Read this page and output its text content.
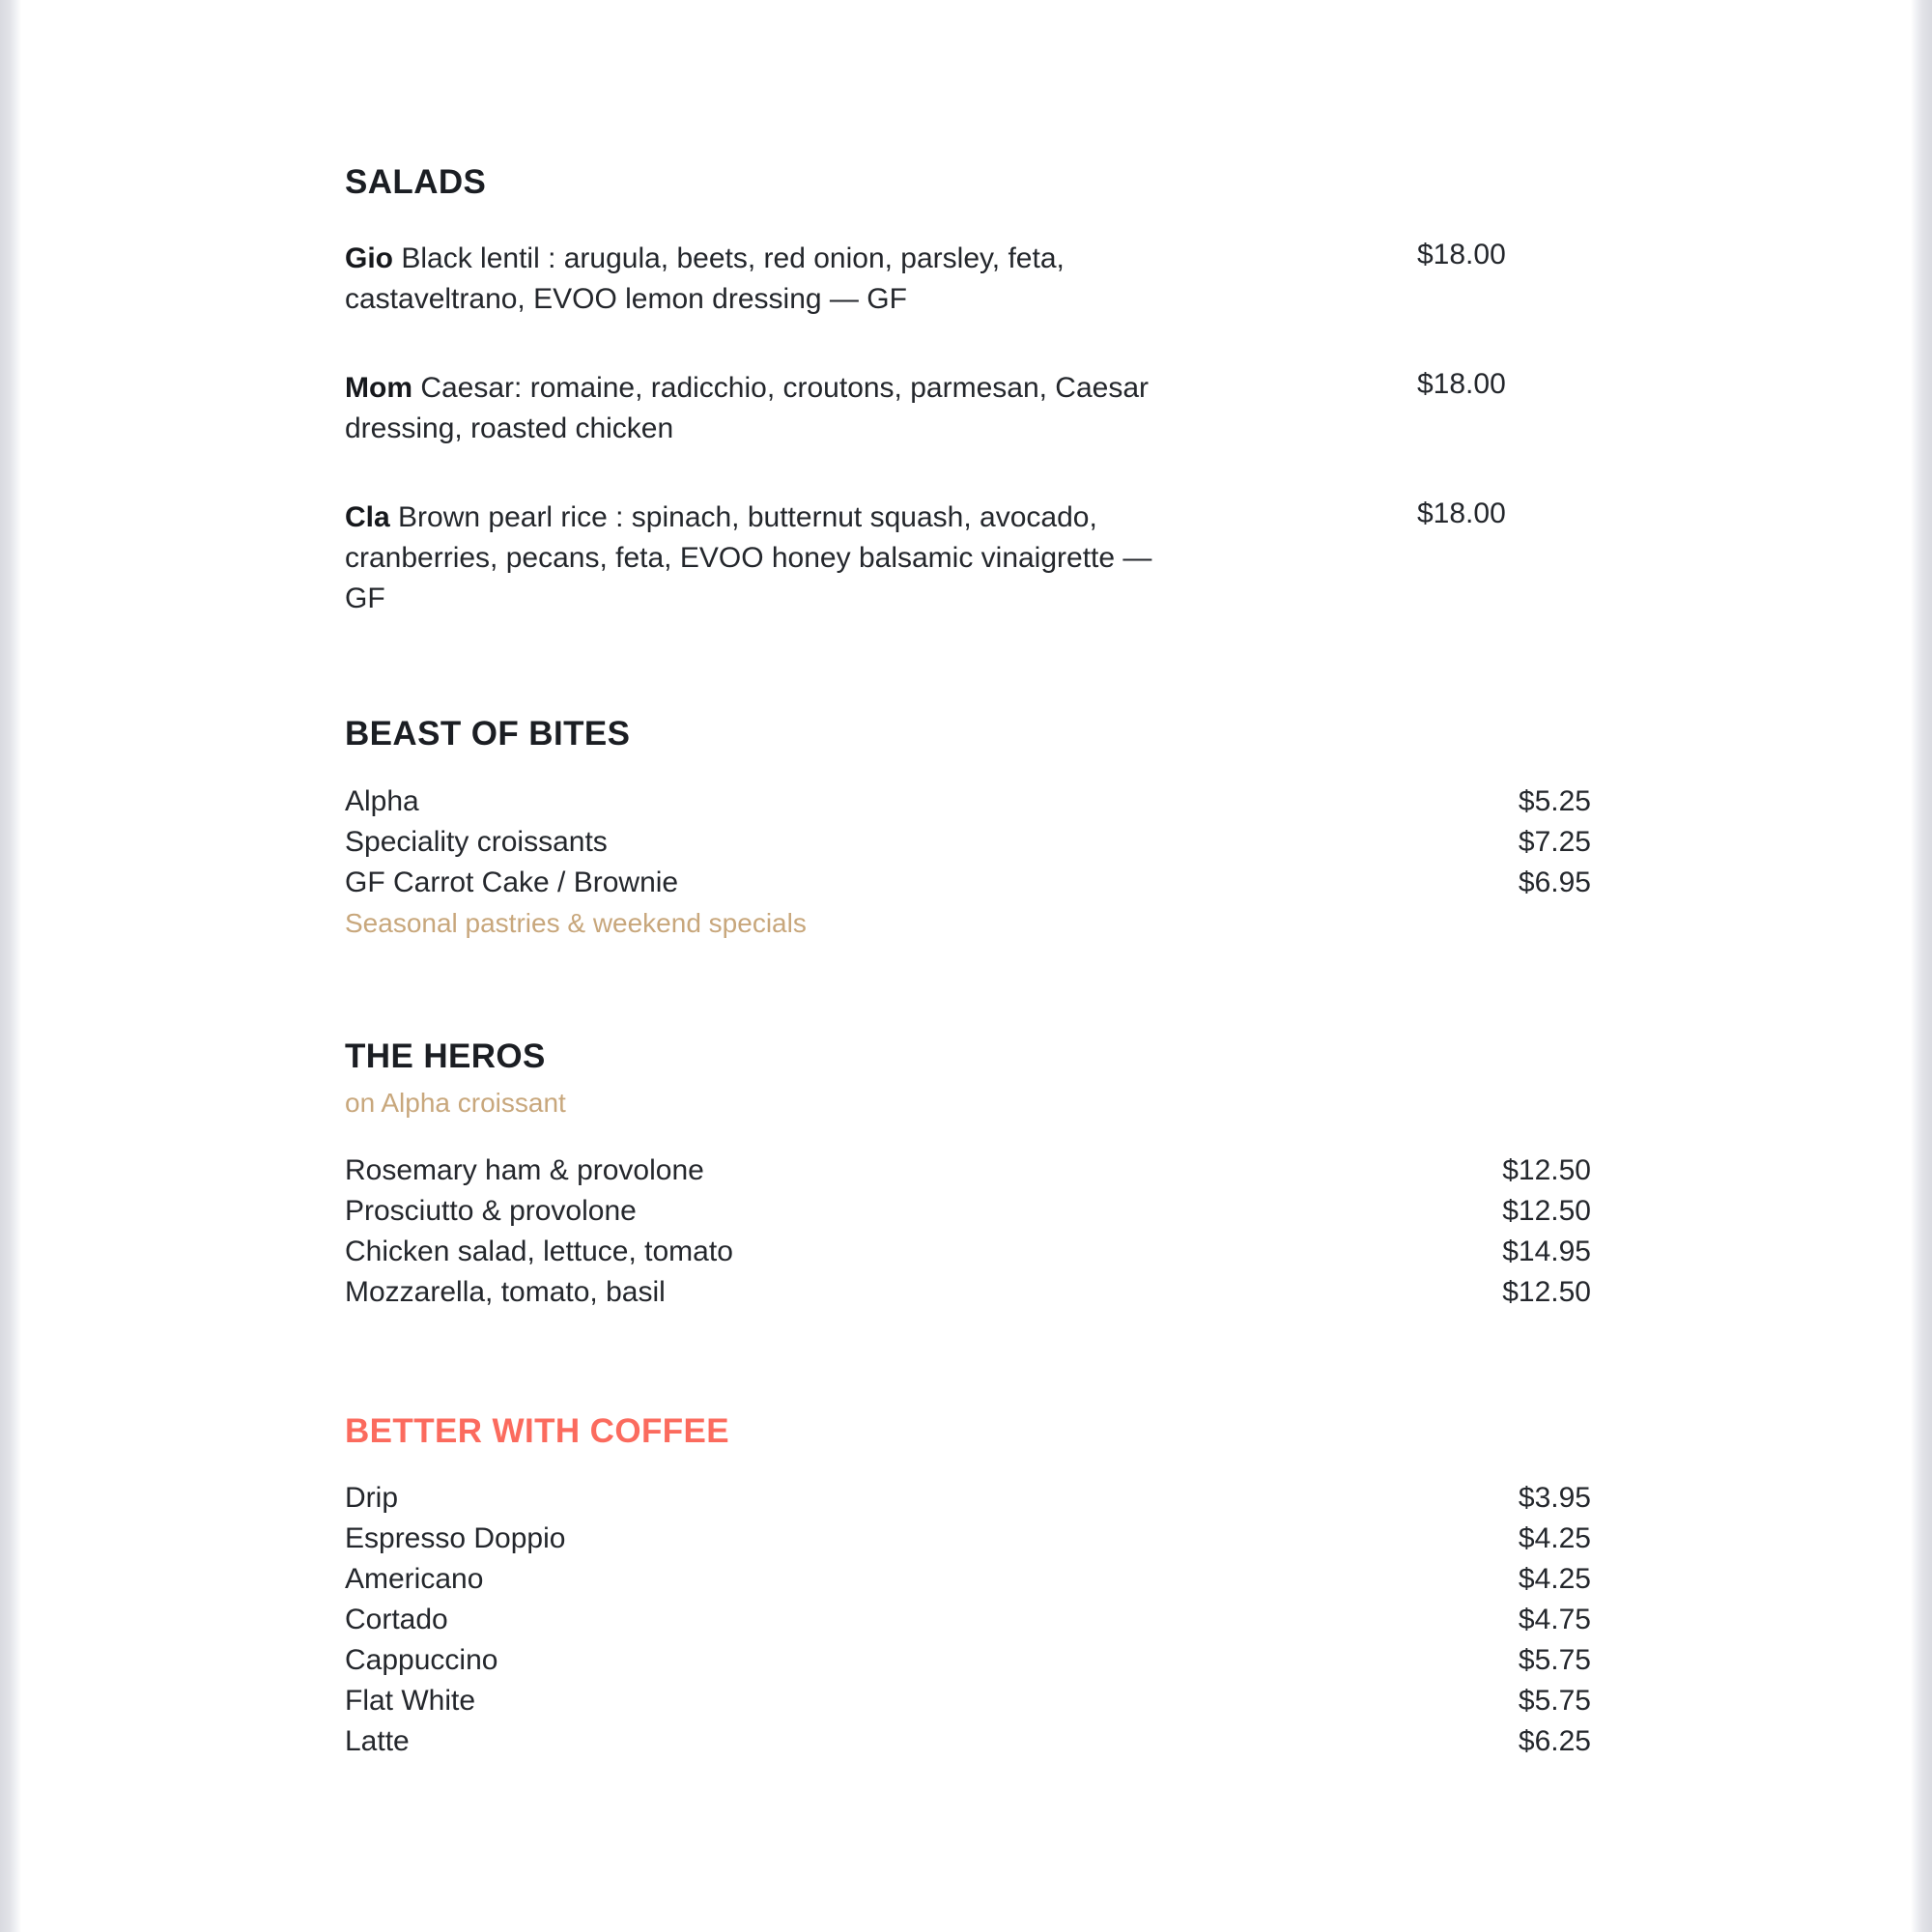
SALADS
Gio Black lentil : arugula, beets, red onion, parsley, feta, castaveltrano, EVOO lemon dressing — GF
$18.00
Mom Caesar: romaine, radicchio, croutons, parmesan, Caesar dressing, roasted chicken
$18.00
Cla Brown pearl rice : spinach, butternut squash, avocado, cranberries, pecans, feta, EVOO honey balsamic vinaigrette — GF
$18.00
BEAST OF BITES
Alpha	$5.25
Speciality croissants	$7.25
GF Carrot Cake / Brownie	$6.95
Seasonal pastries & weekend specials
THE HEROS
on Alpha croissant
Rosemary ham & provolone	$12.50
Prosciutto & provolone	$12.50
Chicken salad, lettuce, tomato	$14.95
Mozzarella, tomato, basil	$12.50
BETTER WITH COFFEE
Drip	$3.95
Espresso Doppio	$4.25
Americano	$4.25
Cortado	$4.75
Cappuccino	$5.75
Flat White	$5.75
Latte	$6.25
